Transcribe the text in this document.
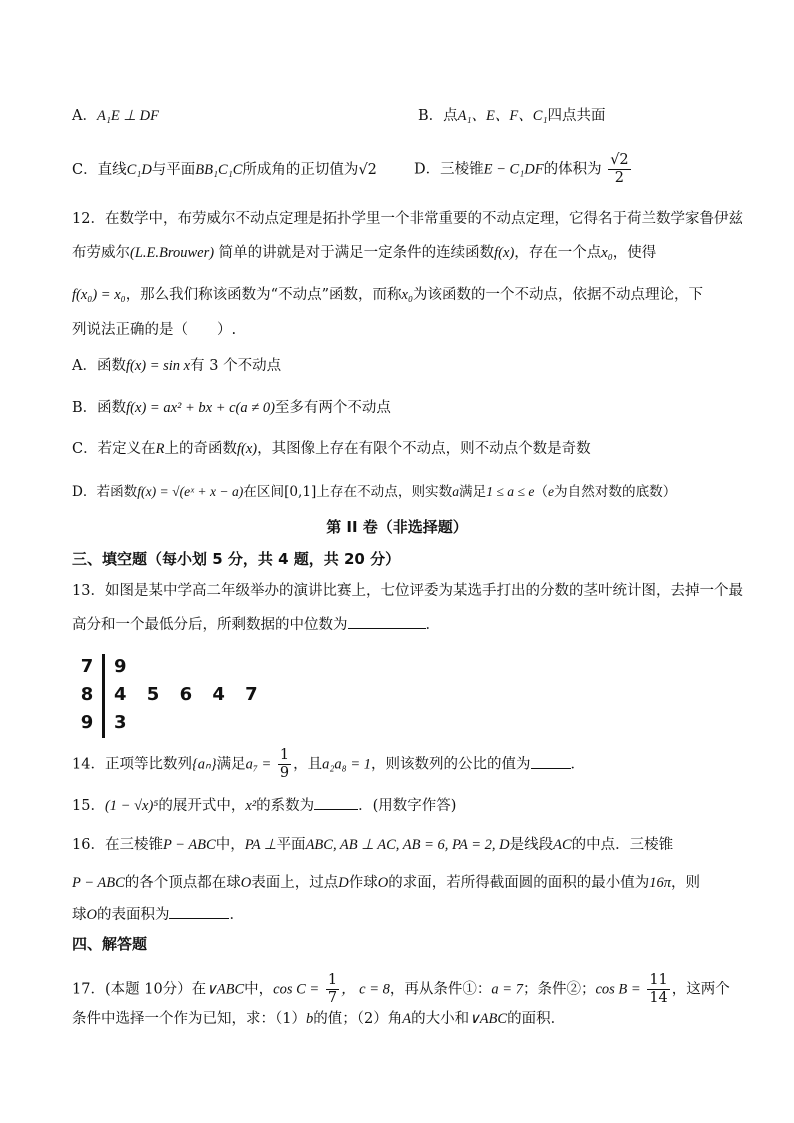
A．A₁E ⊥ DF	B．点A₁、E、F、C₁四点共面
C．直线C₁D与平面BB₁C₁C所成角的正切值为√2	D．三棱锥E − C₁DF的体积为 $\frac{√2}{2}$
12．在数学中，布劳威尔不动点定理是拓扑学里一个非常重要的不动点定理，它得名于荷兰数学家鲁伊兹
布劳威尔(L.E.Brouwer) 简单的讲就是对于满足一定条件的连续函数f(x)，存在一个点x₀，使得
f(x₀) = x₀，那么我们称该函数为“不动点”函数，而称x₀为该函数的一个不动点，依据不动点理论，下
列说法正确的是（　　）.
A．函数f(x) = sin x有 3 个不动点
B．函数f(x) = ax² + bx + c(a ≠ 0)至多有两个不动点
C．若定义在R上的奇函数f(x)，其图像上存在有限个不动点，则不动点个数是奇数
D．若函数f(x) = √(eˣ + x − a)在区间[0,1]上存在不动点，则实数a满足1 ≤ a ≤ e（e为自然对数的底数）
第 II 卷（非选择题）
三、填空题（每小划 5 分，共 4 题，共 20 分）
13．如图是某中学高二年级举办的演讲比赛上，七位评委为某选手打出的分数的茎叶统计图，去掉一个最
高分和一个最低分后，所剩数据的中位数为	．
7 9
8 4 5 6 4 7
9 3
14．正项等比数列{aₙ}满足$a_7 = \frac{1}{9}$ ，且a₂a₈ = 1，则该数列的公比的值为	．
15．(1 − √x)⁵的展开式中，x²的系数为	．(用数字作答)
16．在三棱锥P − ABC中，PA ⊥平面ABC, AB ⊥ AC, AB = 6, PA = 2, D是线段AC的中点．三棱锥
P − ABC的各个顶点都在球O表面上，过点D作球O的求面，若所得截面圆的面积的最小值为16π，则
球O的表面积为	．
四、解答题
17．(本题 10分）在∨ABC中，$\cos C = \frac{1}{7}$ ， c = 8，再从条件①：a = 7；条件②；$\cos B = \frac{11}{14}$ ，这两个
条件中选择一个作为已知，求：（1）b的值；（2）角A的大小和∨ABC的面积．
